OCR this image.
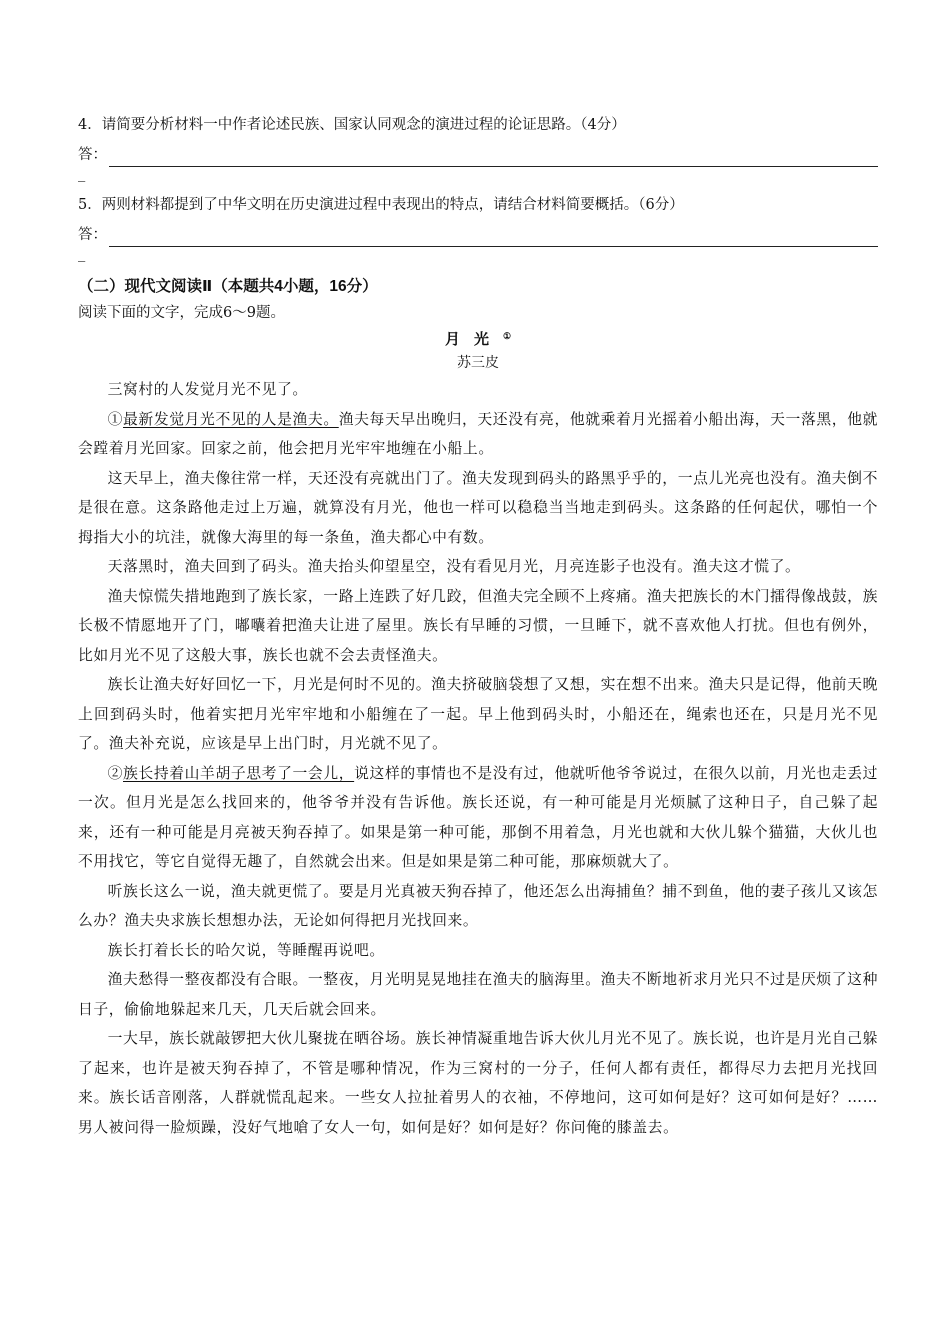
4．请简要分析材料一中作者论述民族、国家认同观念的演进过程的论证思路。（4分）

答：
_

5．两则材料都提到了中华文明在历史演进过程中表现出的特点，请结合材料简要概括。（6分）

答：
_
（二）现代文阅读Ⅱ（本题共4小题，16分）

阅读下面的文字，完成6～9题。

月光①
苏三皮

三窝村的人发觉月光不见了。

①最新发觉月光不见的人是渔夫。渔夫每天早出晚归，天还没有亮，他就乘着月光摇着小船出海，天一落黑，他就会蹚着月光回家。回家之前，他会把月光牢牢地缠在小船上。

这天早上，渔夫像往常一样，天还没有亮就出门了。渔夫发现到码头的路黑乎乎的，一点儿光亮也没有。渔夫倒不是很在意。这条路他走过上万遍，就算没有月光，他也一样可以稳稳当当地走到码头。这条路的任何起伏，哪怕一个拇指大小的坑洼，就像大海里的每一条鱼，渔夫都心中有数。

天落黑时，渔夫回到了码头。渔夫抬头仰望星空，没有看见月光，月亮连影子也没有。渔夫这才慌了。

渔夫惊慌失措地跑到了族长家，一路上连跌了好几跤，但渔夫完全顾不上疼痛。渔夫把族长的木门擂得像战鼓，族长极不情愿地开了门，嘟囔着把渔夫让进了屋里。族长有早睡的习惯，一旦睡下，就不喜欢他人打扰。但也有例外，比如月光不见了这般大事，族长也就不会去责怪渔夫。

族长让渔夫好好回忆一下，月光是何时不见的。渔夫挤破脑袋想了又想，实在想不出来。渔夫只是记得，他前天晚上回到码头时，他着实把月光牢牢地和小船缠在了一起。早上他到码头时，小船还在，绳索也还在，只是月光不见了。渔夫补充说，应该是早上出门时，月光就不见了。

②族长持着山羊胡子思考了一会儿，说这样的事情也不是没有过，他就听他爷爷说过，在很久以前，月光也走丢过一次。但月光是怎么找回来的，他爷爷并没有告诉他。族长还说，有一种可能是月光烦腻了这种日子，自己躲了起来，还有一种可能是月亮被天狗吞掉了。如果是第一种可能，那倒不用着急，月光也就和大伙儿躲个猫猫，大伙儿也不用找它，等它自觉得无趣了，自然就会出来。但是如果是第二种可能，那麻烦就大了。

听族长这么一说，渔夫就更慌了。要是月光真被天狗吞掉了，他还怎么出海捕鱼？捕不到鱼，他的妻子孩儿又该怎么办？渔夫央求族长想想办法，无论如何得把月光找回来。

族长打着长长的哈欠说，等睡醒再说吧。

渔夫愁得一整夜都没有合眼。一整夜，月光明晃晃地挂在渔夫的脑海里。渔夫不断地祈求月光只不过是厌烦了这种日子，偷偷地躲起来几天，几天后就会回来。

一大早，族长就敲锣把大伙儿聚拢在晒谷场。族长神情凝重地告诉大伙儿月光不见了。族长说，也许是月光自己躲了起来，也许是被天狗吞掉了，不管是哪种情况，作为三窝村的一分子，任何人都有责任，都得尽力去把月光找回来。族长话音刚落，人群就慌乱起来。一些女人拉扯着男人的衣袖，不停地问，这可如何是好？这可如何是好？……男人被问得一脸烦躁，没好气地嗆了女人一句，如何是好？如何是好？你问俺的膝盖去。
